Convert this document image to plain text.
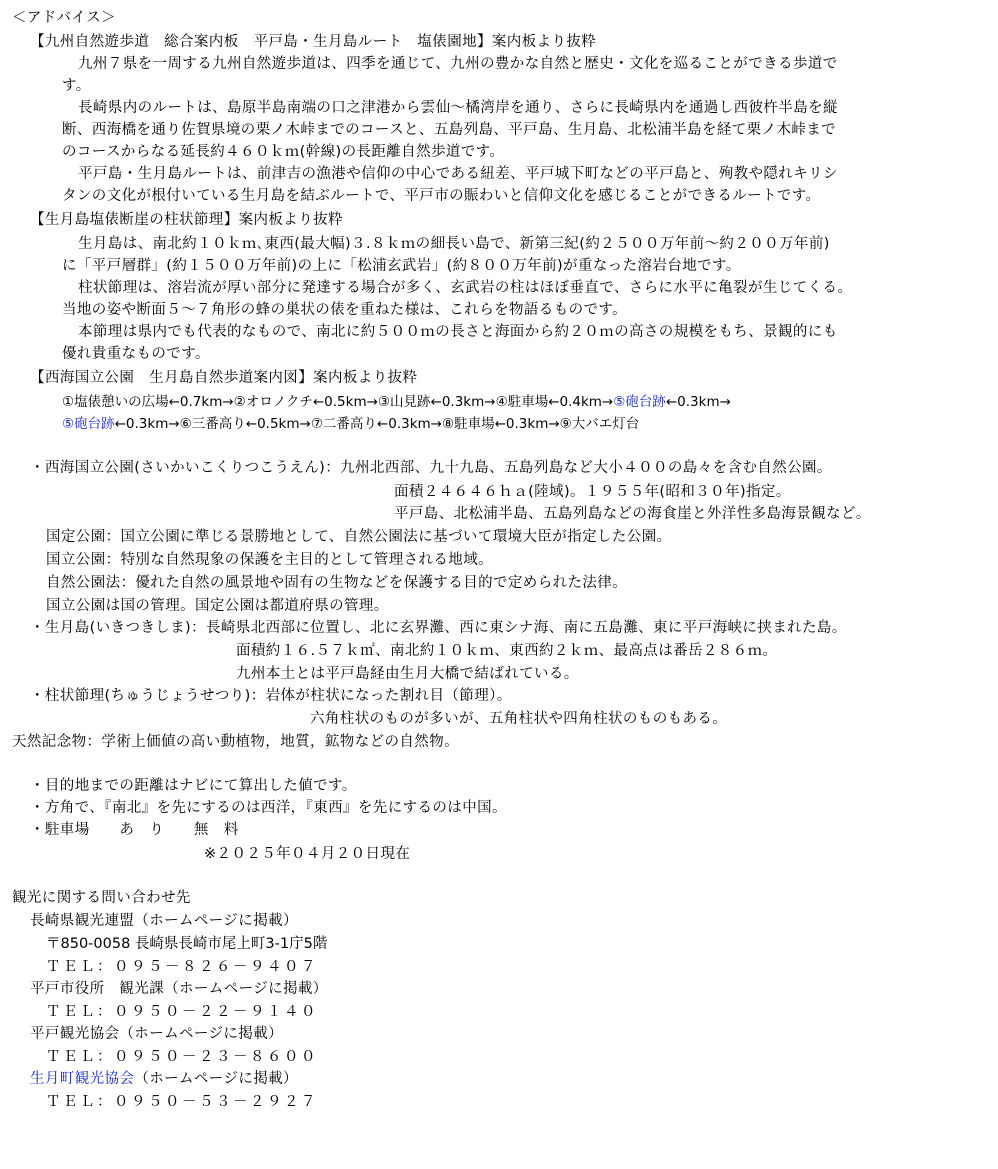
＜アドバイス＞
【九州自然遊歩道　総合案内板　平戸島・生月島ルート　塩俵園地】案内板より抜粋
九州７県を一周する九州自然遊歩道は、四季を通じて、九州の豊かな自然と歴史・文化を巡ることができる歩道で
す。
長崎県内のルートは、島原半島南端の口之津港から雲仙～橘湾岸を通り、さらに長崎県内を通過し西彼杵半島を縦
断、西海橋を通り佐賀県境の栗ノ木峠までのコースと、五島列島、平戸島、生月島、北松浦半島を経て栗ノ木峠まで
のコースからなる延長約４６０ｋｍ(幹線)の長距離自然歩道です。
平戸島・生月島ルートは、前津吉の漁港や信仰の中心である紐差、平戸城下町などの平戸島と、殉教や隠れキリシ
タンの文化が根付いている生月島を結ぶルートで、平戸市の賑わいと信仰文化を感じることができるルートです。
【生月島塩俵断崖の柱状節理】案内板より抜粋
生月島は、南北約１０ｋｍ､東西(最大幅)３.８ｋｍの細長い島で、新第三紀(約２５００万年前～約２００万年前)
に「平戸層群」(約１５００万年前)の上に「松浦玄武岩」(約８００万年前)が重なった溶岩台地です。
柱状節理は、溶岩流が厚い部分に発達する場合が多く、玄武岩の柱はほぼ垂直で、さらに水平に亀裂が生じてくる。
当地の姿や断面５～７角形の蜂の巣状の俵を重ねた様は、これらを物語るものです。
本節理は県内でも代表的なもので、南北に約５００ｍの長さと海面から約２０ｍの高さの規模をもち、景観的にも
優れ貴重なものです。
【西海国立公園　生月島自然歩道案内図】案内板より抜粋
①塩俵憩いの広場←0.7km→②オロノクチ←0.5km→③山見跡←0.3km→④駐車場←0.4km→⑤砲台跡←0.3km→
⑤砲台跡←0.3km→⑥三番高り←0.5km→⑦二番高り←0.3km→⑧駐車場←0.3km→⑨大バエ灯台
・西海国立公園(さいかいこくりつこうえん)：九州北西部、九十九島、五島列島など大小４００の島々を含む自然公園。
面積２４６４６ｈａ(陸域)。１９５５年(昭和３０年)指定。
平戸島、北松浦半島、五島列島などの海食崖と外洋性多島海景観など。
国定公園：国立公園に準じる景勝地として、自然公園法に基づいて環境大臣が指定した公園。
国立公園：特別な自然現象の保護を主目的として管理される地域。
自然公園法：優れた自然の風景地や固有の生物などを保護する目的で定められた法律。
国立公園は国の管理。国定公園は都道府県の管理。
・生月島(いきつきしま)：長崎県北西部に位置し、北に玄界灘、西に東シナ海、南に五島灘、東に平戸海峡に挟まれた島。
面積約１６.５７ｋ㎡、南北約１０ｋｍ、東西約２ｋｍ、最高点は番岳２８６ｍ。
九州本土とは平戸島経由生月大橋で結ばれている。
・柱状節理(ちゅうじょうせつり)：岩体が柱状になった割れ目（節理）。
六角柱状のものが多いが、五角柱状や四角柱状のものもある。
天然記念物：学術上価値の高い動植物，地質，鉱物などの自然物。
・目的地までの距離はナビにて算出した値です。
・方角で、『南北』を先にするのは西洋，『東西』を先にするのは中国。
・駐車場　　あ　り　　無　料
※２０２５年０４月２０日現在
観光に関する問い合わせ先
長崎県観光連盟（ホームページに掲載）
〒850-0058 長崎県長崎市尾上町3-1庁5階
ＴＥＬ：０９５－８２６－９４０７
平戸市役所　観光課（ホームページに掲載）
ＴＥＬ：０９５０－２２－９１４０
平戸観光協会（ホームページに掲載）
ＴＥＬ：０９５０－２３－８６００
生月町観光協会（ホームページに掲載）
ＴＥＬ：０９５０－５３－２９２７
